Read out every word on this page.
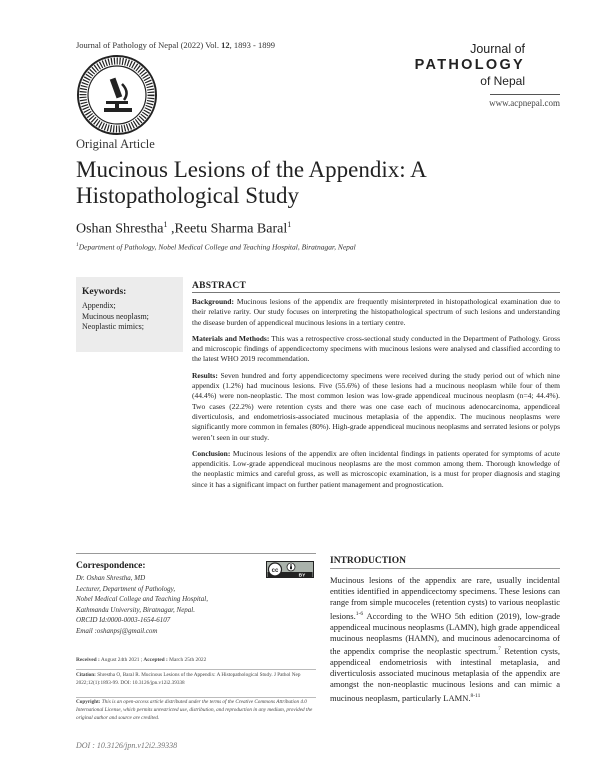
Journal of Pathology of Nepal (2022) Vol. 12, 1893 - 1899	Journal of
PATHOLOGY
of Nepal
www.acpnepal.com
Original Article
Mucinous Lesions of the Appendix: A Histopathological Study
Oshan Shrestha$^1$ ,Reetu Sharma Baral$^1$
$^1$Department of Pathology, Nobel Medical College and Teaching Hospital, Biratnagar, Nepal
Keywords:
Appendix;
Mucinous neoplasm;
Neoplastic mimics;
ABSTRACT

Background: Mucinous lesions of the appendix are frequently misinterpreted in histopathological examination due to their relative rarity. Our study focuses on interpreting the histopathological spectrum of such lesions and understanding the disease burden of appendiceal mucinous lesions in a tertiary centre.

Materials and Methods: This was a retrospective cross-sectional study conducted in the Department of Pathology. Gross and microscopic findings of appendicectomy specimens with mucinous lesions were analysed and classified according to the latest WHO 2019 recommendation.

Results: Seven hundred and forty appendicectomy specimens were received during the study period out of which nine appendix (1.2%) had mucinous lesions. Five (55.6%) of these lesions had a mucinous neoplasm while four of them (44.4%) were non-neoplastic. The most common lesion was low-grade appendiceal mucinous neoplasm (n=4; 44.4%). Two cases (22.2%) were retention cysts and there was one case each of mucinous adenocarcinoma, appendiceal diverticulosis, and endometriosis-associated mucinous metaplasia of the appendix. The mucinous neoplasms were significantly more common in females (80%). High-grade appendiceal mucinous neoplasms and serrated lesions or polyps weren’t seen in our study.

Conclusion: Mucinous lesions of the appendix are often incidental findings in patients operated for symptoms of acute appendicitis. Low-grade appendiceal mucinous neoplasms are the most common among them. Thorough knowledge of the neoplastic mimics and careful gross, as well as microscopic examination, is a must for proper diagnosis and staging since it has a significant impact on further patient management and prognostication.

Correspondence:
Dr. Oshan Shrestha, MD
Lecturer, Department of Pathology,
Nobel Medical College and Teaching Hospital,
Kathmandu University, Biratnagar, Nepal.
ORCID Id:0000-0003-1654-6107
Email :oshanpsj@gmail.com
cc
BY
Received : August 24th 2021 ; Accepted : March 25th 2022
Citation: Shrestha O, Baral R. Mucinous Lesions of the Appendix: A Histopathological Study. J Pathol Nep 2022;12(1):1893-99. DOI: 10.3126/jpn.v12i2.39338
Copyright: This is an open-access article distributed under the terms of the Creative Commons Attribution 4.0 International License, which permits unrestricted use, distribution, and reproduction in any medium, provided the original author and source are credited.
DOI : 10.3126/jpn.v12i2.39338
INTRODUCTION
Mucinous lesions of the appendix are rare, usually incidental entities identified in appendicectomy specimens. These lesions can range from simple mucoceles (retention cysts) to various neoplastic lesions.$^{1-6}$ According to the WHO 5th edition (2019), low-grade appendiceal mucinous neoplasms (LAMN), high grade appendiceal mucinous neoplasms (HAMN), and mucinous adenocarcinoma of the appendix comprise the neoplastic spectrum.$^7$ Retention cysts, appendiceal endometriosis with intestinal metaplasia, and diverticulosis associated mucinous metaplasia of the appendix are amongst the non-neoplastic mucinous lesions and can mimic a mucinous neoplasm, particularly LAMN.$^{8-11}$
